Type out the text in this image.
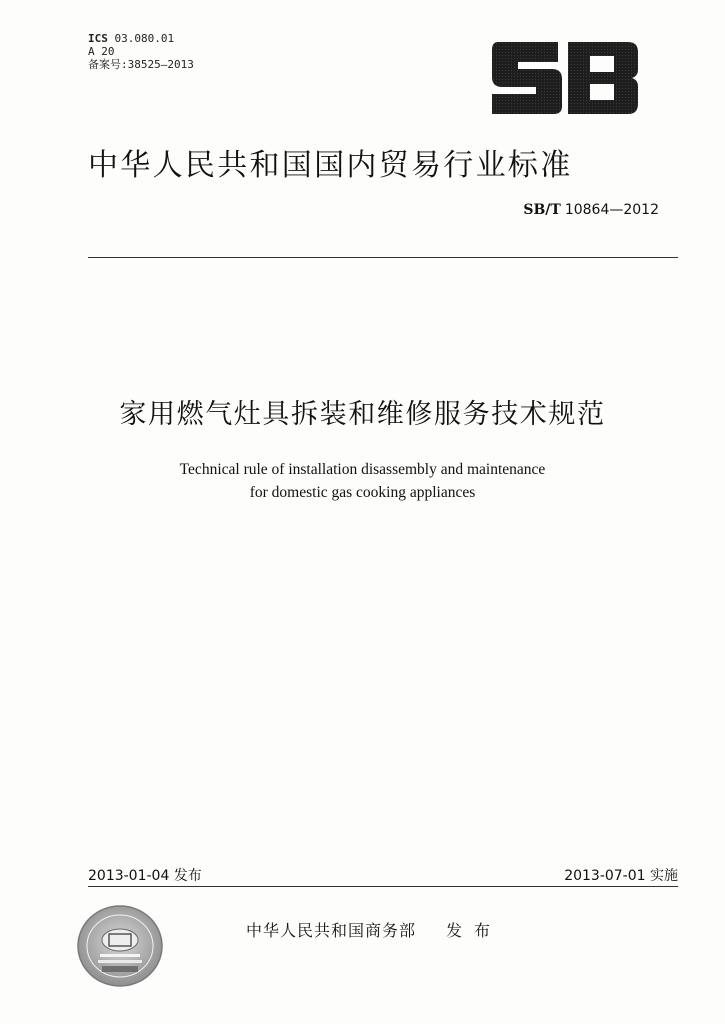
ICS 03.080.01
A 20
备案号:38525—2013
中华人民共和国国内贸易行业标准
SB/T 10864—2012
家用燃气灶具拆装和维修服务技术规范
Technical rule of installation disassembly and maintenance
for domestic gas cooking appliances
2013-01-04 发布	2013-07-01 实施
中华人民共和国商务部 发布
